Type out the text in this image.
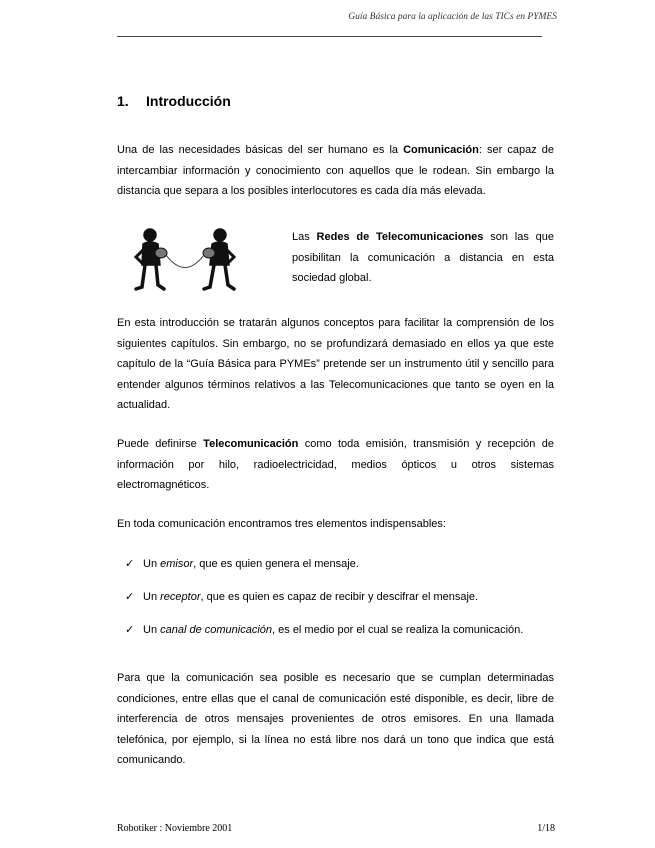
Guía Básica para la aplicación de las TICs en PYMES
1. Introducción

Una de las necesidades básicas del ser humano es la Comunicación: ser capaz de intercambiar información y conocimiento con aquellos que le rodean. Sin embargo la distancia que separa a los posibles interlocutores es cada día más elevada.

Las Redes de Telecomunicaciones son las que posibilitan la comunicación a distancia en esta sociedad global.

En esta introducción se tratarán algunos conceptos para facilitar la comprensión de los siguientes capítulos. Sin embargo, no se profundizará demasiado en ellos ya que este capítulo de la “Guía Básica para PYMEs” pretende ser un instrumento útil y sencillo para entender algunos términos relativos a las Telecomunicaciones que tanto se oyen en la actualidad.

Puede definirse Telecomunicación como toda emisión, transmisión y recepción de información por hilo, radioelectricidad, medios ópticos u otros sistemas electromagnéticos.

En toda comunicación encontramos tres elementos indispensables:

✓ Un emisor, que es quien genera el mensaje.
✓ Un receptor, que es quien es capaz de recibir y descifrar el mensaje.
✓ Un canal de comunicación, es el medio por el cual se realiza la comunicación.

Para que la comunicación sea posible es necesario que se cumplan determinadas condiciones, entre ellas que el canal de comunicación esté disponible, es decir, libre de interferencia de otros mensajes provenientes de otros emisores. En una llamada telefónica, por ejemplo, si la línea no está libre nos dará un tono que indica que está comunicando.

Robotiker : Noviembre 2001	1/18
